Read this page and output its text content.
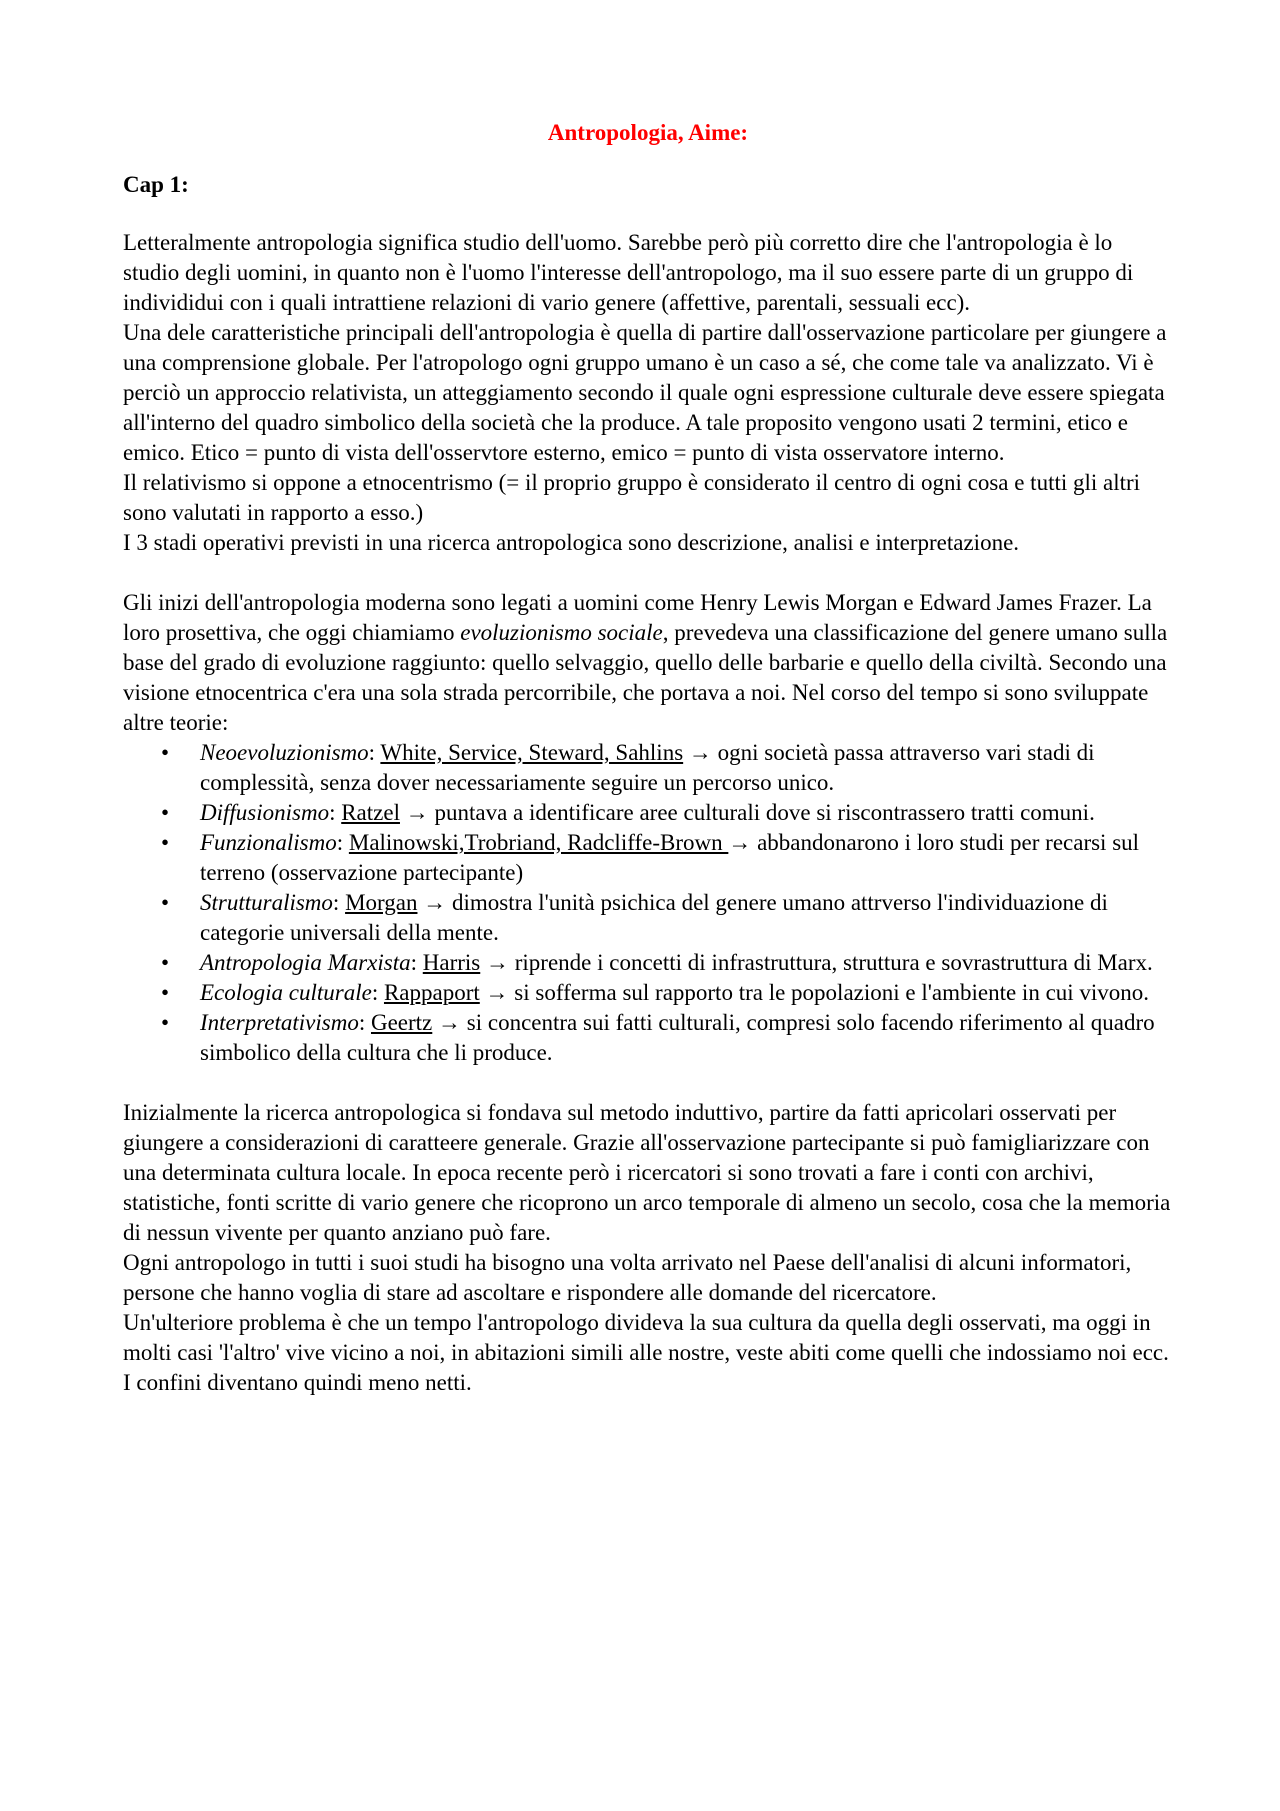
Antropologia, Aime:
Cap 1:

Letteralmente antropologia significa studio dell'uomo. Sarebbe però più corretto dire che l'antropologia è lo studio degli uomini, in quanto non è l'uomo l'interesse dell'antropologo, ma il suo essere parte di un gruppo di individidui con i quali intrattiene relazioni di vario genere (affettive, parentali, sessuali ecc).

Una dele caratteristiche principali dell'antropologia è quella di partire dall'osservazione particolare per giungere a una comprensione globale. Per l'atropologo ogni gruppo umano è un caso a sé, che come tale va analizzato. Vi è perciò un approccio relativista, un atteggiamento secondo il quale ogni espressione culturale deve essere spiegata all'interno del quadro simbolico della società che la produce. A tale proposito vengono usati 2 termini, etico e emico. Etico = punto di vista dell'osservtore esterno, emico = punto di vista osservatore interno.

Il relativismo si oppone a etnocentrismo (= il proprio gruppo è considerato il centro di ogni cosa e tutti gli altri sono valutati in rapporto a esso.)

I 3 stadi operativi previsti in una ricerca antropologica sono descrizione, analisi e interpretazione.

Gli inizi dell'antropologia moderna sono legati a uomini come Henry Lewis Morgan e Edward James Frazer. La loro prosettiva, che oggi chiamiamo evoluzionismo sociale, prevedeva una classificazione del genere umano sulla base del grado di evoluzione raggiunto: quello selvaggio, quello delle barbarie e quello della civiltà. Secondo una visione etnocentrica c'era una sola strada percorribile, che portava a noi. Nel corso del tempo si sono sviluppate altre teorie:

• Neoevoluzionismo: White, Service, Steward, Sahlins → ogni società passa attraverso vari stadi di complessità, senza dover necessariamente seguire un percorso unico.
• Diffusionismo: Ratzel → puntava a identificare aree culturali dove si riscontrassero tratti comuni.
• Funzionalismo: Malinowski,Trobriand, Radcliffe-Brown → abbandonarono i loro studi per recarsi sul terreno (osservazione partecipante)
• Strutturalismo: Morgan → dimostra l'unità psichica del genere umano attrverso l'individuazione di categorie universali della mente.
• Antropologia Marxista: Harris → riprende i concetti di infrastruttura, struttura e sovrastruttura di Marx.
• Ecologia culturale: Rappaport → si sofferma sul rapporto tra le popolazioni e l'ambiente in cui vivono.
• Interpretativismo: Geertz → si concentra sui fatti culturali, compresi solo facendo riferimento al quadro simbolico della cultura che li produce.

Inizialmente la ricerca antropologica si fondava sul metodo induttivo, partire da fatti apricolari osservati per giungere a considerazioni di caratteere generale. Grazie all'osservazione partecipante si può famigliarizzare con una determinata cultura locale. In epoca recente però i ricercatori si sono trovati a fare i conti con archivi, statistiche, fonti scritte di vario genere che ricoprono un arco temporale di almeno un secolo, cosa che la memoria di nessun vivente per quanto anziano può fare.

Ogni antropologo in tutti i suoi studi ha bisogno una volta arrivato nel Paese dell'analisi di alcuni informatori, persone che hanno voglia di stare ad ascoltare e rispondere alle domande del ricercatore.

Un'ulteriore problema è che un tempo l'antropologo divideva la sua cultura da quella degli osservati, ma oggi in molti casi 'l'altro' vive vicino a noi, in abitazioni simili alle nostre, veste abiti come quelli che indossiamo noi ecc. I confini diventano quindi meno netti.
